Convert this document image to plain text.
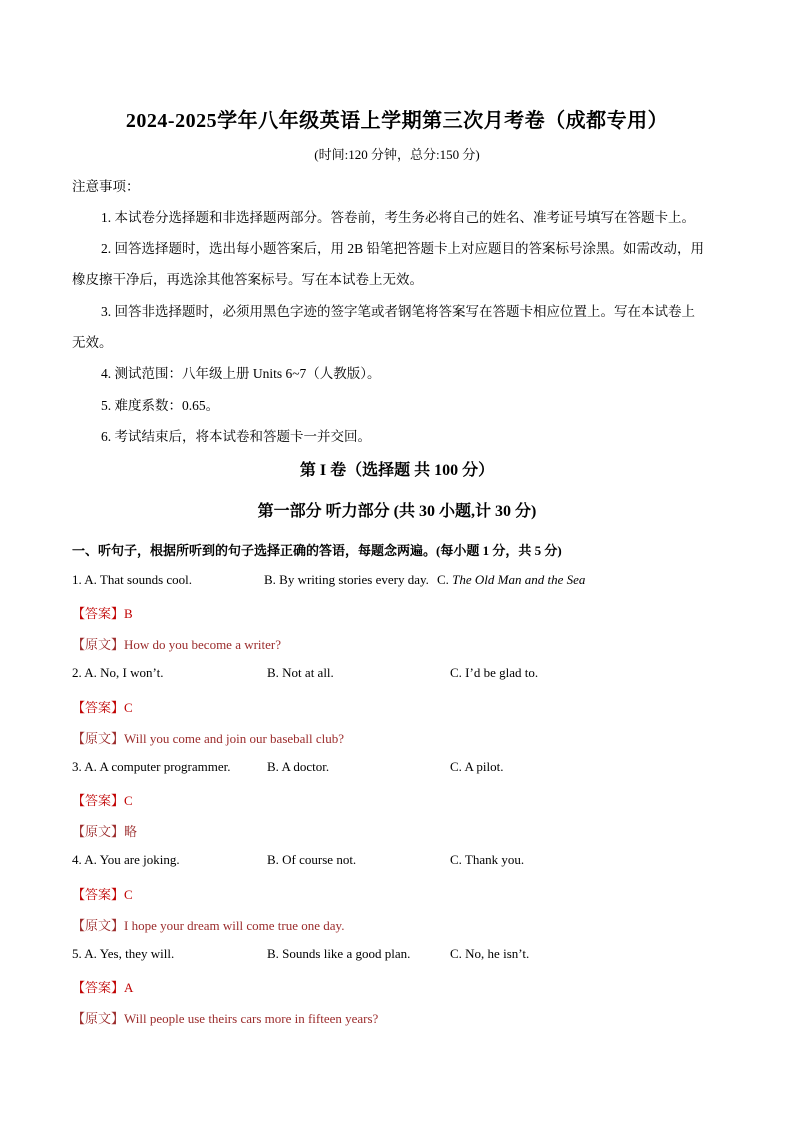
2024-2025学年八年级英语上学期第三次月考卷（成都专用）
(时间:120 分钟，总分:150 分)
注意事项：
1. 本试卷分选择题和非选择题两部分。答卷前，考生务必将自己的姓名、准考证号填写在答题卡上。
2. 回答选择题时，选出每小题答案后，用 2B 铅笔把答题卡上对应题目的答案标号涂黑。如需改动，用
橡皮擦干净后，再选涂其他答案标号。写在本试卷上无效。
3. 回答非选择题时，必须用黑色字迹的签字笔或者钢笔将答案写在答题卡相应位置上。写在本试卷上
无效。
4. 测试范围：八年级上册 Units 6~7（人教版）。
5. 难度系数：0.65。
6. 考试结束后，将本试卷和答题卡一并交回。
第 I 卷（选择题 共 100 分）
第一部分 听力部分 (共 30 小题,计 30 分)
一、听句子，根据所听到的句子选择正确的答语，每题念两遍。(每小题 1 分，共 5 分)
1. A. That sounds cool.	B. By writing stories every day. C. The Old Man and the Sea
【答案】B
【原文】How do you become a writer?
2. A. No, I won’t.	B. Not at all.	C. I’d be glad to.
【答案】C
【原文】Will you come and join our baseball club?
3. A. A computer programmer.	B. A doctor.	C. A pilot.
【答案】C
【原文】略
4. A. You are joking.	B. Of course not.	C. Thank you.
【答案】C
【原文】I hope your dream will come true one day.
5. A. Yes, they will.	B. Sounds like a good plan.	C. No, he isn’t.
【答案】A
【原文】Will people use theirs cars more in fifteen years?
